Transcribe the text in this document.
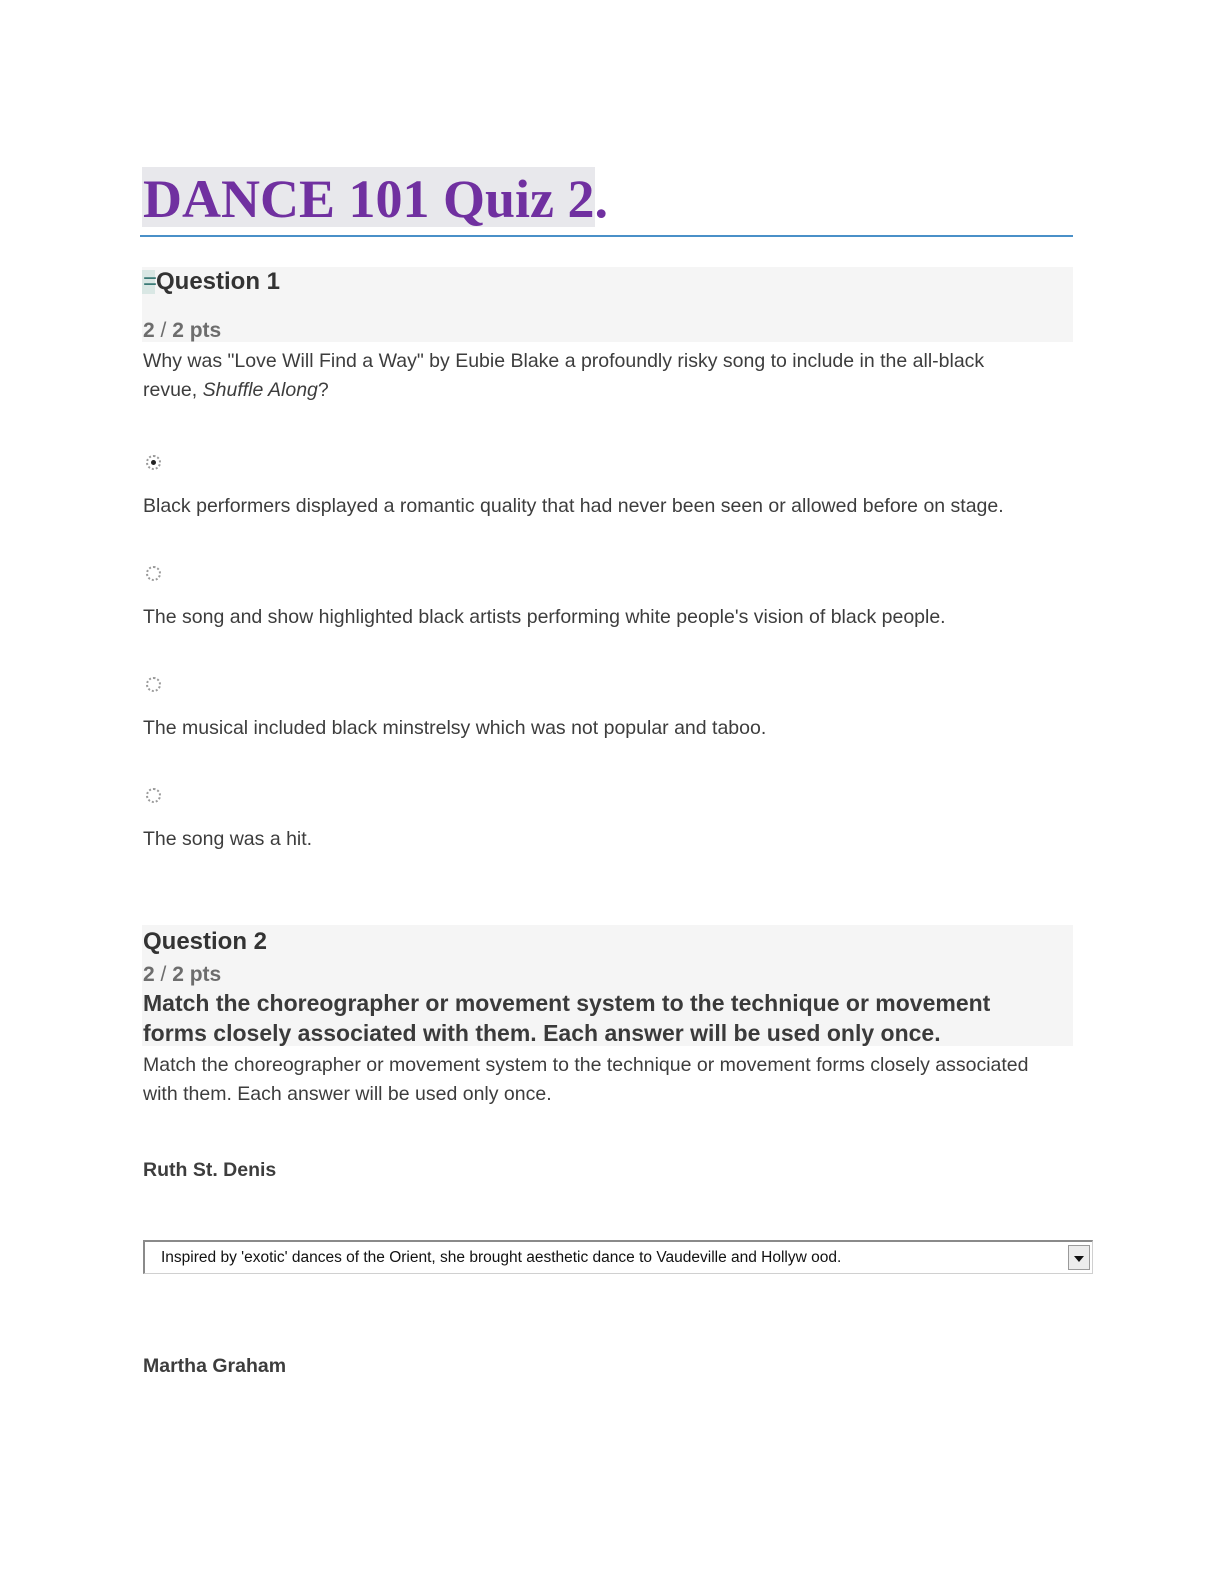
DANCE 101 Quiz 2.
=
Question 1
2 / 2 pts
Why was "Love Will Find a Way" by Eubie Blake a profoundly risky song to include in the all-black revue, Shuffle Along?
Black performers displayed a romantic quality that had never been seen or allowed before on stage.
The song and show highlighted black artists performing white people's vision of black people.
The musical included black minstrelsy which was not popular and taboo.
The song was a hit.
Question 2
2 / 2 pts
Match the choreographer or movement system to the technique or movement forms closely associated with them. Each answer will be used only once.
Match the choreographer or movement system to the technique or movement forms closely associated with them. Each answer will be used only once.
Ruth St. Denis
Inspired by 'exotic' dances of the Orient, she brought aesthetic dance to Vaudeville and Hollyw ood.
Martha Graham
